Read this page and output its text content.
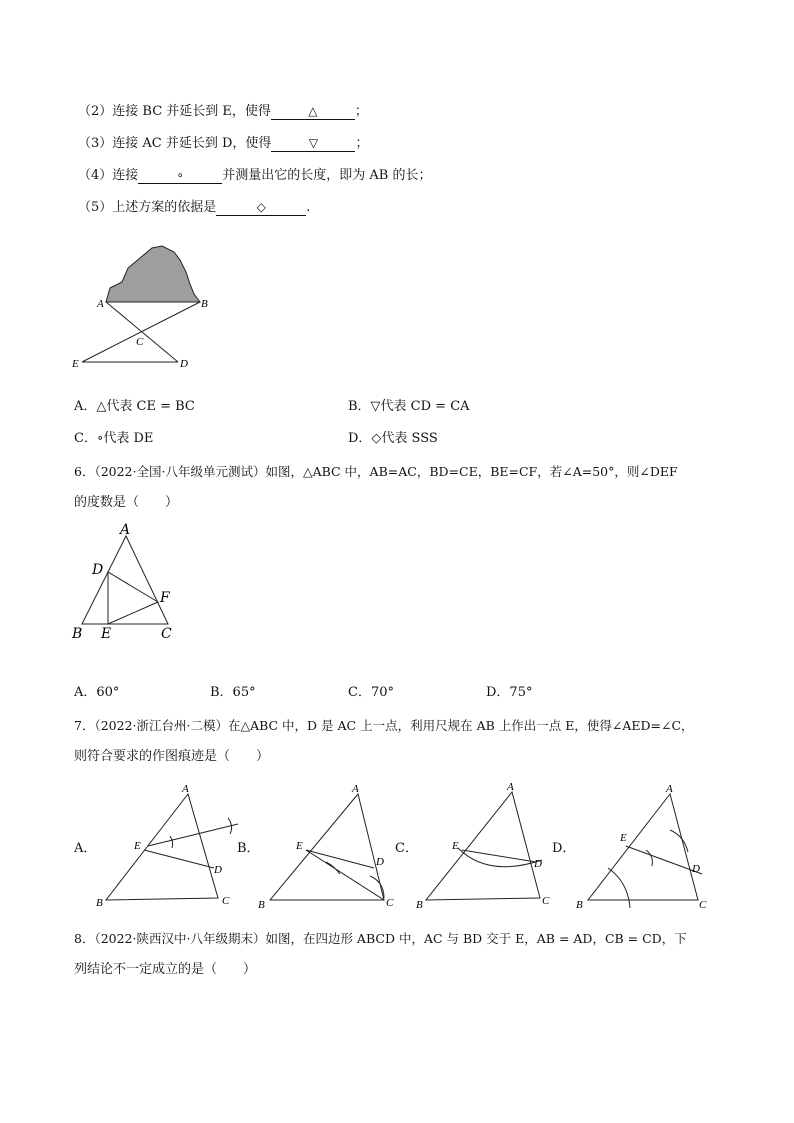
（2）连接 BC 并延长到 E，使得	△	；
（3）连接 AC 并延长到 D，使得	▽	；
（4）连接	∘	并测量出它的长度，即为 AB 的长；
（5）上述方案的依据是	◇	.
A	B
C
E	D
A．△代表 CE = BC	B．▽代表 CD = CA
C．∘代表 DE	D．◇代表 SSS
6．（2022·全国·八年级单元测试）如图，△ABC 中，AB=AC，BD=CE，BE=CF，若∠A=50°，则∠DEF
的度数是（　　）
A
D
F
B E	C
A．60°	B．65°	C．70°	D．75°
7．（2022·浙江台州·二模）在△ABC 中，D 是 AC 上一点，利用尺规在 AB 上作出一点 E，使得∠AED=∠C，
则符合要求的作图痕迹是（　　）
A．	B．	C．	D．
A
E
D
B	C
A
E
D
B	C
A
E
D
B	C
A
E
D
B	C
8．（2022·陕西汉中·八年级期末）如图，在四边形 ABCD 中，AC 与 BD 交于 E，AB = AD，CB = CD，下
列结论不一定成立的是（　　）
